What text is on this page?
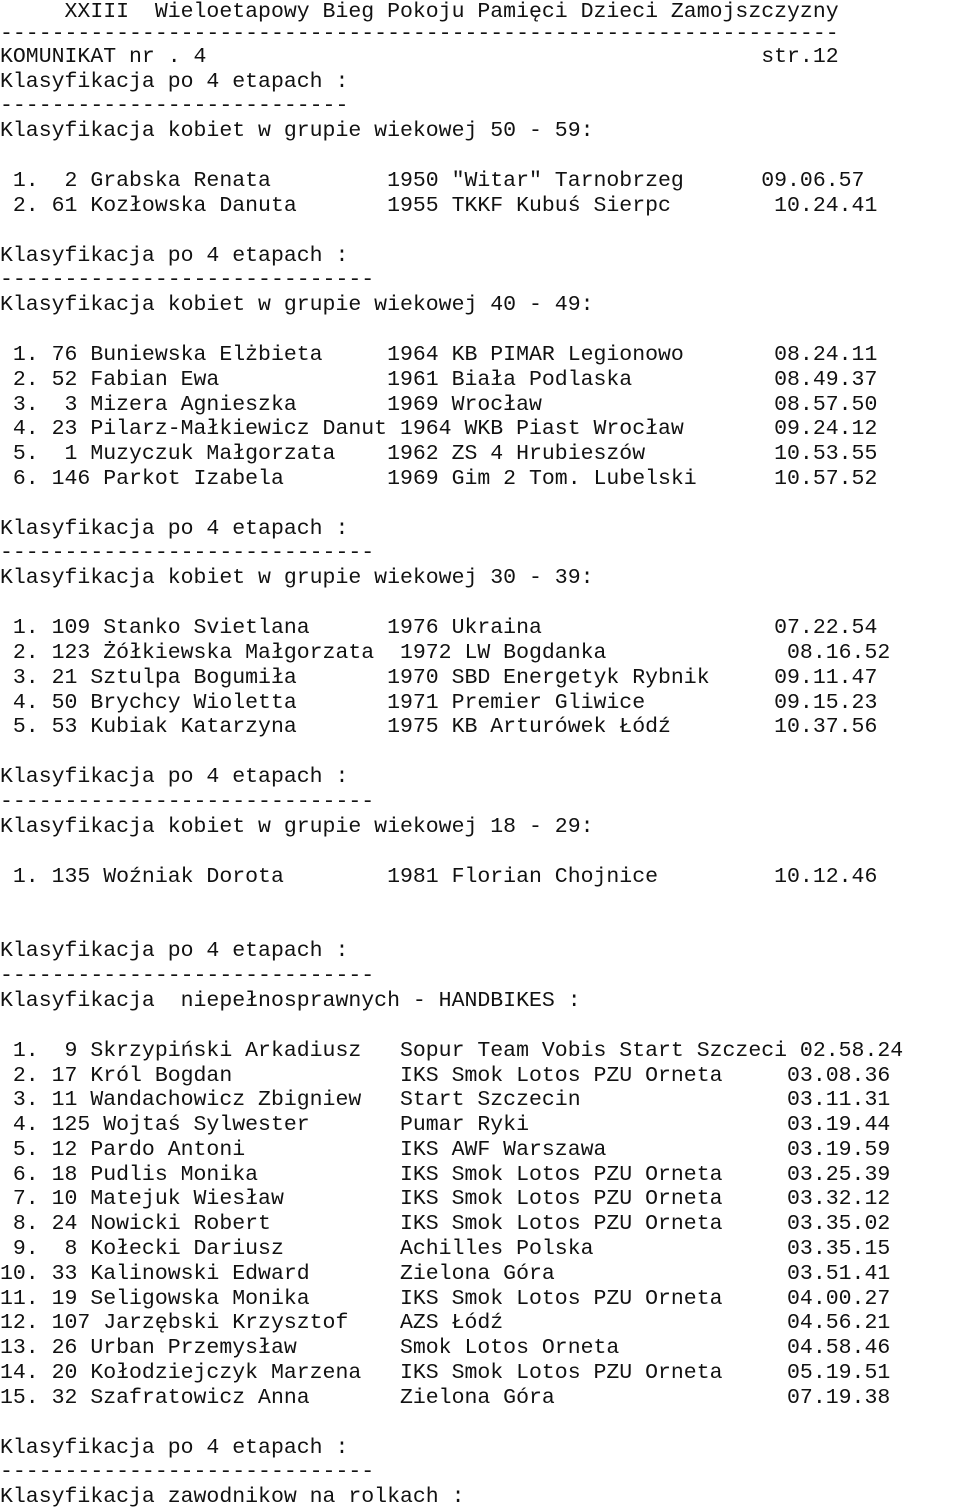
XXIII  Wieloetapowy Bieg Pokoju Pamięci Dzieci Zamojszczyzny
-----------------------------------------------------------------
KOMUNIKAT nr . 4                                           str.12
Klasyfikacja po 4 etapach :
---------------------------
Klasyfikacja kobiet w grupie wiekowej 50 - 59:
1.  2 Grabska Renata         1950 "Witar" Tarnobrzeg      09.06.57
2. 61 Kozłowska Danuta       1955 TKKF Kubuś Sierpc        10.24.41
Klasyfikacja po 4 etapach :
-----------------------------
Klasyfikacja kobiet w grupie wiekowej 40 - 49:
1. 76 Buniewska Elżbieta     1964 KB PIMAR Legionowo       08.24.11
2. 52 Fabian Ewa             1961 Biała Podlaska           08.49.37
3.  3 Mizera Agnieszka       1969 Wrocław                  08.57.50
4. 23 Pilarz-Małkiewicz Danut 1964 WKB Piast Wrocław       09.24.12
5.  1 Muzyczuk Małgorzata    1962 ZS 4 Hrubieszów          10.53.55
6. 146 Parkot Izabela        1969 Gim 2 Tom. Lubelski      10.57.52
Klasyfikacja po 4 etapach :
-----------------------------
Klasyfikacja kobiet w grupie wiekowej 30 - 39:
1. 109 Stanko Svietlana      1976 Ukraina                  07.22.54
2. 123 Żółkiewska Małgorzata  1972 LW Bogdanka              08.16.52
3. 21 Sztulpa Bogumiła       1970 SBD Energetyk Rybnik     09.11.47
4. 50 Brychcy Wioletta       1971 Premier Gliwice          09.15.23
5. 53 Kubiak Katarzyna       1975 KB Arturówek Łódź        10.37.56
Klasyfikacja po 4 etapach :
-----------------------------
Klasyfikacja kobiet w grupie wiekowej 18 - 29:
1. 135 Woźniak Dorota        1981 Florian Chojnice         10.12.46
Klasyfikacja po 4 etapach :
-----------------------------
Klasyfikacja  niepełnosprawnych - HANDBIKES :
1.  9 Skrzypiński Arkadiusz   Sopur Team Vobis Start Szczeci 02.58.24
2. 17 Król Bogdan             IKS Smok Lotos PZU Orneta     03.08.36
3. 11 Wandachowicz Zbigniew   Start Szczecin                03.11.31
4. 125 Wojtaś Sylwester       Pumar Ryki                    03.19.44
5. 12 Pardo Antoni            IKS AWF Warszawa              03.19.59
6. 18 Pudlis Monika           IKS Smok Lotos PZU Orneta     03.25.39
7. 10 Matejuk Wiesław         IKS Smok Lotos PZU Orneta     03.32.12
8. 24 Nowicki Robert          IKS Smok Lotos PZU Orneta     03.35.02
9.  8 Kołecki Dariusz         Achilles Polska               03.35.15
10. 33 Kalinowski Edward       Zielona Góra                  03.51.41
11. 19 Seligowska Monika       IKS Smok Lotos PZU Orneta     04.00.27
12. 107 Jarzębski Krzysztof    AZS Łódź                      04.56.21
13. 26 Urban Przemysław        Smok Lotos Orneta             04.58.46
14. 20 Kołodziejczyk Marzena   IKS Smok Lotos PZU Orneta     05.19.51
15. 32 Szafratowicz Anna       Zielona Góra                  07.19.38
Klasyfikacja po 4 etapach :
-----------------------------
Klasyfikacja zawodnikow na rolkach :
